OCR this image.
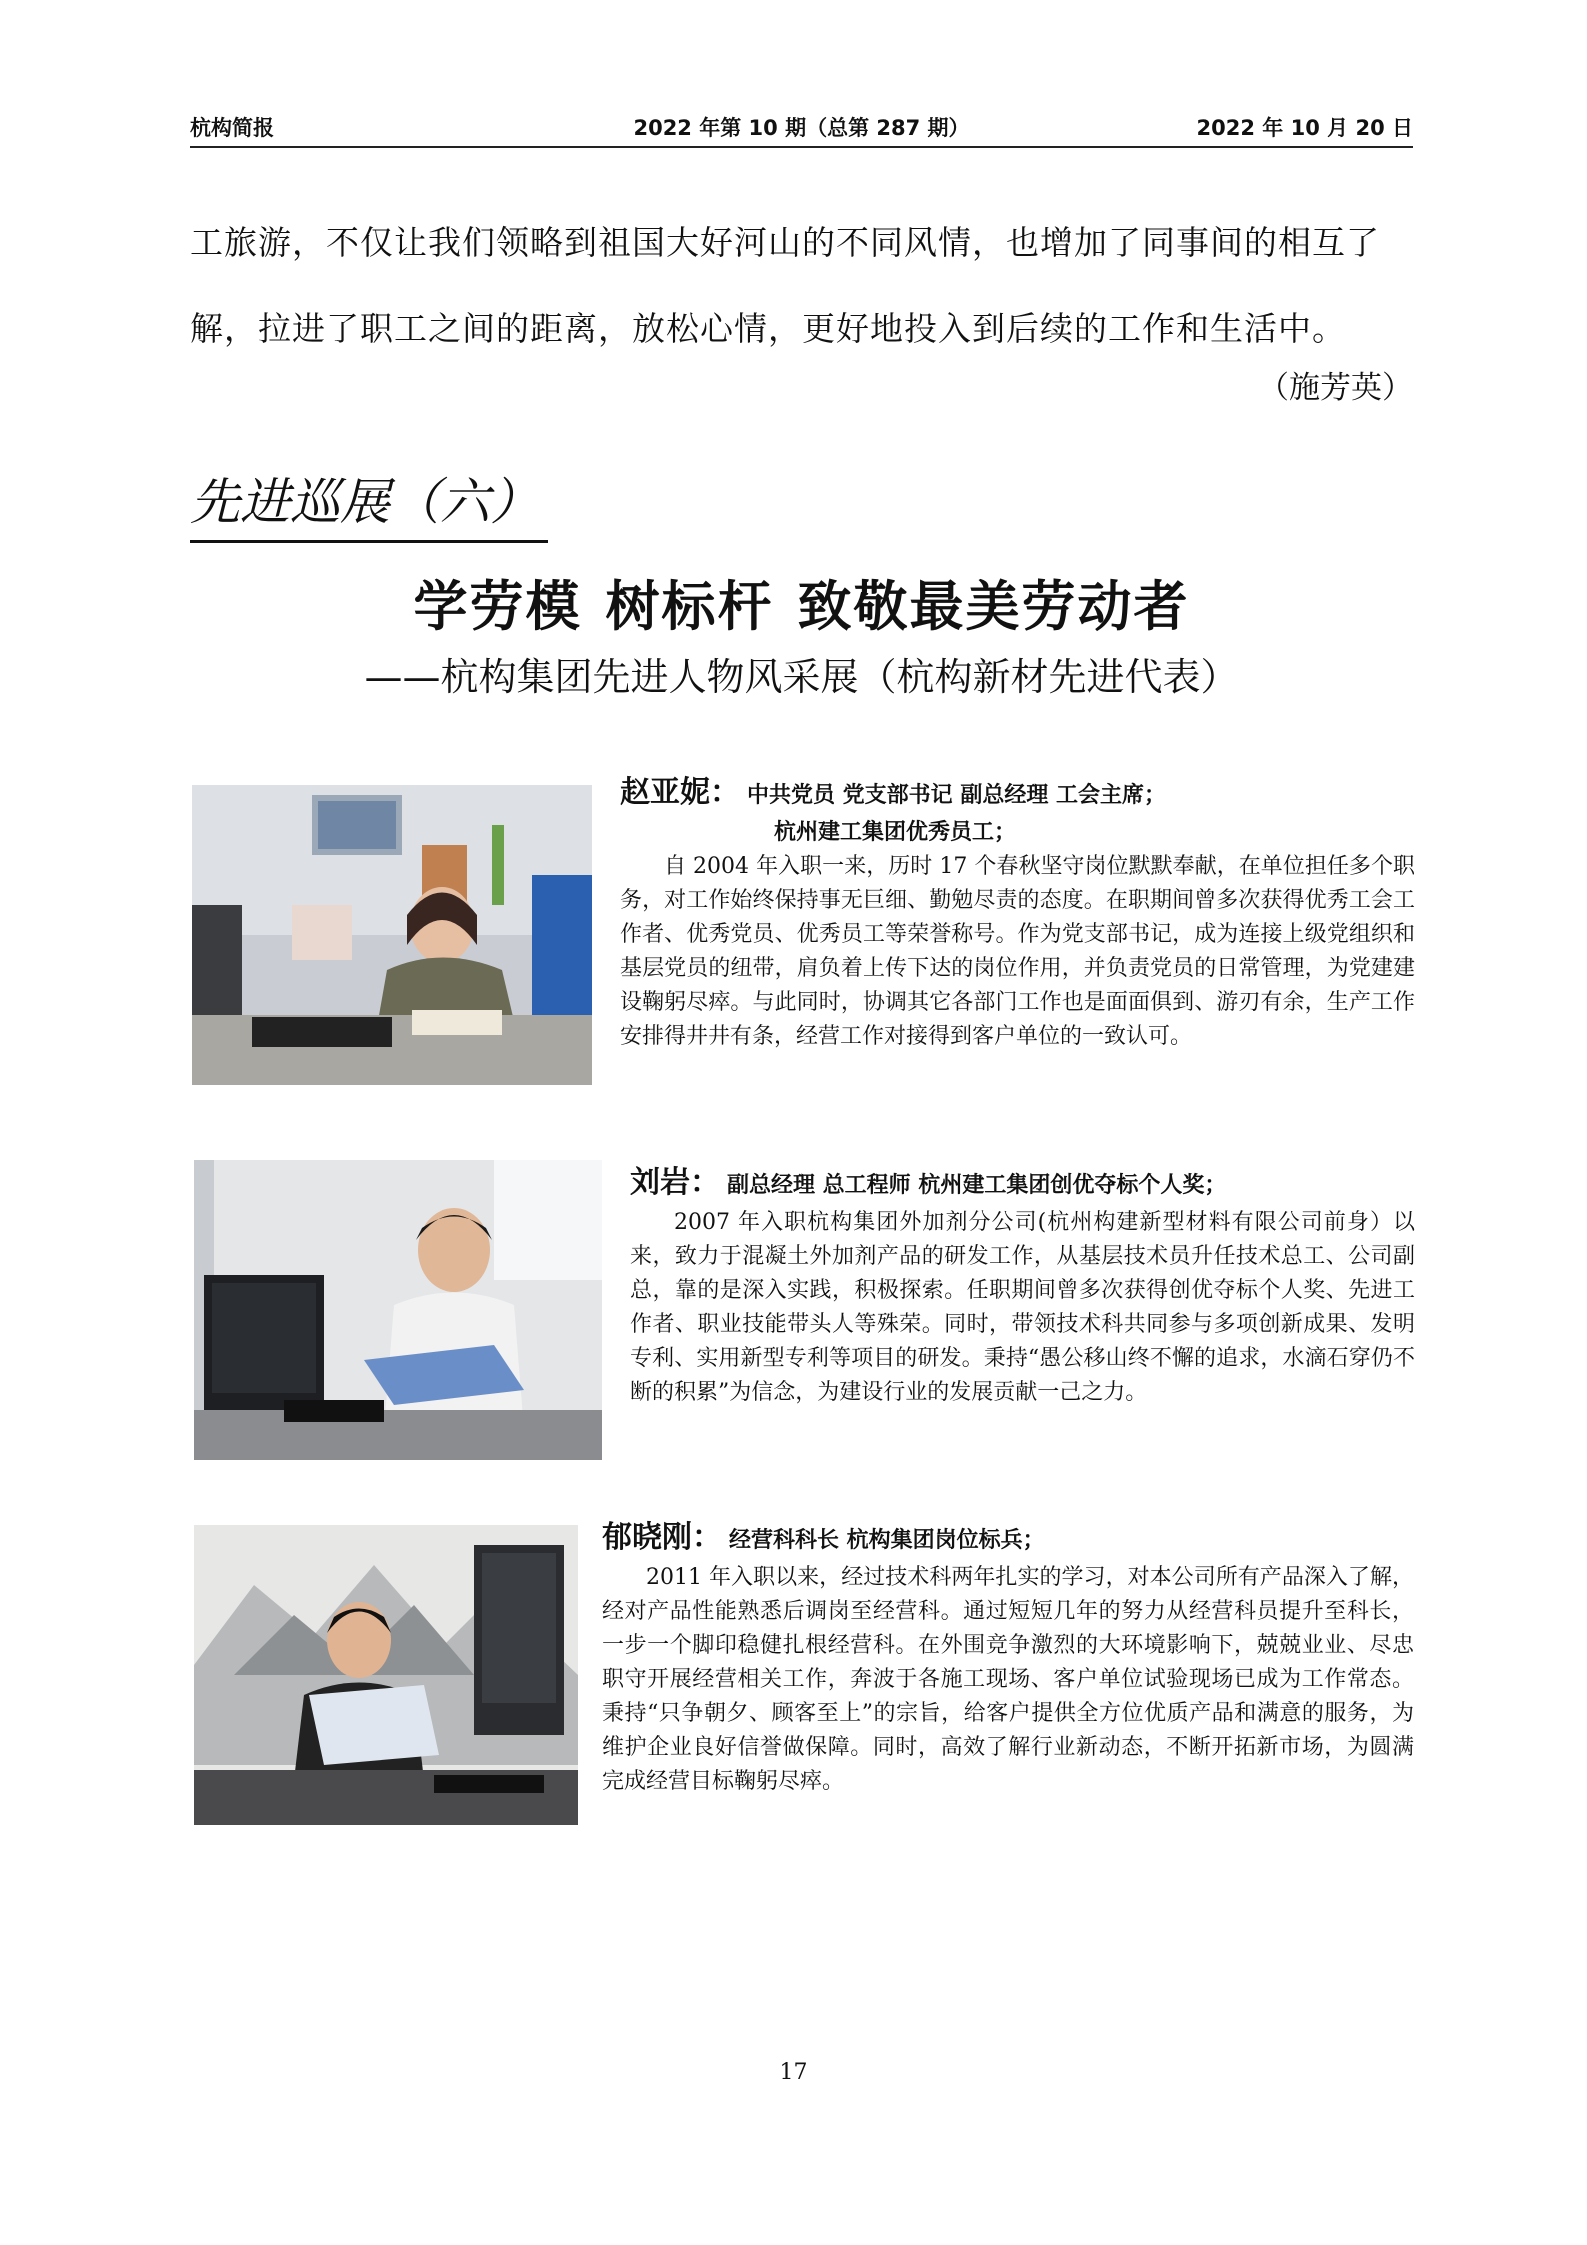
杭构简报	2022 年第 10 期（总第 287 期）	2022 年 10 月 20 日

工旅游，不仅让我们领略到祖国大好河山的不同风情，也增加了同事间的相互了

解，拉进了职工之间的距离，放松心情，更好地投入到后续的工作和生活中。

（施芳英）
先进巡展（六）
学劳模 树标杆 致敬最美劳动者
——杭构集团先进人物风采展（杭构新材先进代表）
赵亚妮： 中共党员 党支部书记 副总经理 工会主席；
杭州建工集团优秀员工；

自 2004 年入职一来，历时 17 个春秋坚守岗位默默奉献，在单位担任多个职务，对工作始终保持事无巨细、勤勉尽责的态度。在职期间曾多次获得优秀工会工作者、优秀党员、优秀员工等荣誉称号。作为党支部书记，成为连接上级党组织和基层党员的纽带，肩负着上传下达的岗位作用，并负责党员的日常管理，为党建建设鞠躬尽瘁。与此同时，协调其它各部门工作也是面面俱到、游刃有余，生产工作安排得井井有条，经营工作对接得到客户单位的一致认可。

刘岩： 副总经理 总工程师 杭州建工集团创优夺标个人奖；

2007 年入职杭构集团外加剂分公司(杭州构建新型材料有限公司前身）以来，致力于混凝土外加剂产品的研发工作，从基层技术员升任技术总工、公司副总，靠的是深入实践，积极探索。任职期间曾多次获得创优夺标个人奖、先进工作者、职业技能带头人等殊荣。同时，带领技术科共同参与多项创新成果、发明专利、实用新型专利等项目的研发。秉持“愚公移山终不懈的追求，水滴石穿仍不断的积累”为信念，为建设行业的发展贡献一己之力。

郁晓刚： 经营科科长 杭构集团岗位标兵；

2011 年入职以来，经过技术科两年扎实的学习，对本公司所有产品深入了解，经对产品性能熟悉后调岗至经营科。通过短短几年的努力从经营科员提升至科长，一步一个脚印稳健扎根经营科。在外围竞争激烈的大环境影响下，兢兢业业、尽忠职守开展经营相关工作，奔波于各施工现场、客户单位试验现场已成为工作常态。秉持“只争朝夕、顾客至上”的宗旨，给客户提供全方位优质产品和满意的服务，为维护企业良好信誉做保障。同时，高效了解行业新动态，不断开拓新市场，为圆满完成经营目标鞠躬尽瘁。

17
